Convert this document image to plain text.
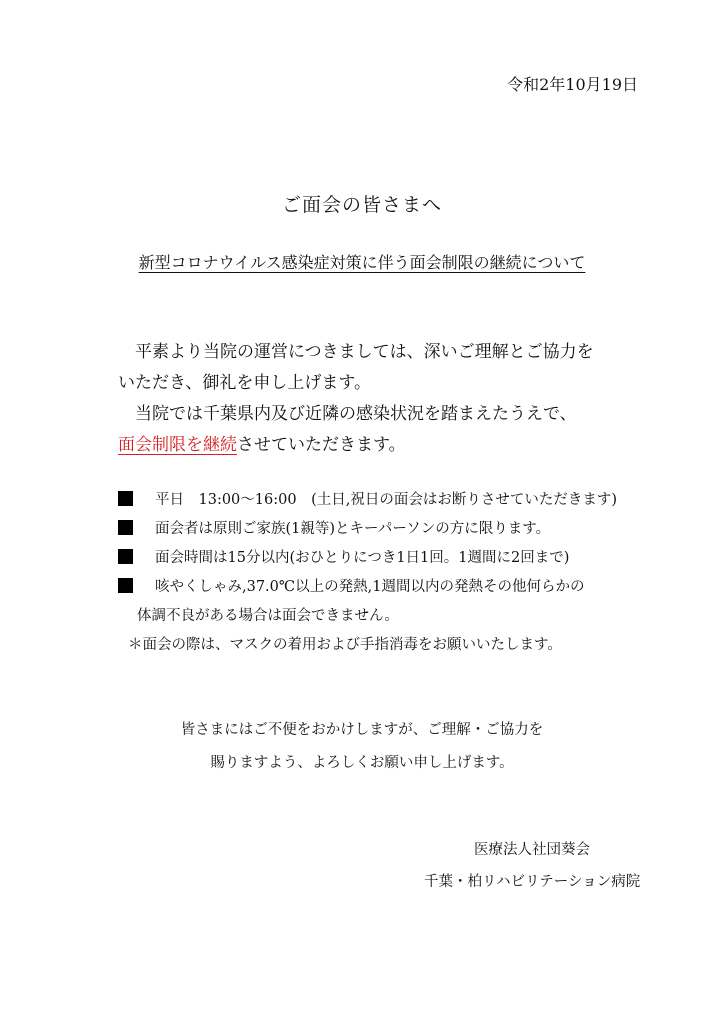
令和2年10月19日
ご面会の皆さまへ
新型コロナウイルス感染症対策に伴う面会制限の継続について
平素より当院の運営につきましては、深いご理解とご協力を
いただき、御礼を申し上げます。
当院では千葉県内及び近隣の感染状況を踏まえたうえで、
面会制限を継続させていただきます。
平日　13:00～16:00　(土日,祝日の面会はお断りさせていただきます)
面会者は原則ご家族(1親等)とキーパーソンの方に限ります。
面会時間は15分以内(おひとりにつき1日1回。1週間に2回まで)
咳やくしゃみ,37.0℃以上の発熱,1週間以内の発熱その他何らかの
体調不良がある場合は面会できません。
＊面会の際は、マスクの着用および手指消毒をお願いいたします。
皆さまにはご不便をおかけしますが、ご理解・ご協力を
賜りますよう、よろしくお願い申し上げます。
医療法人社団葵会
千葉・柏リハビリテーション病院
